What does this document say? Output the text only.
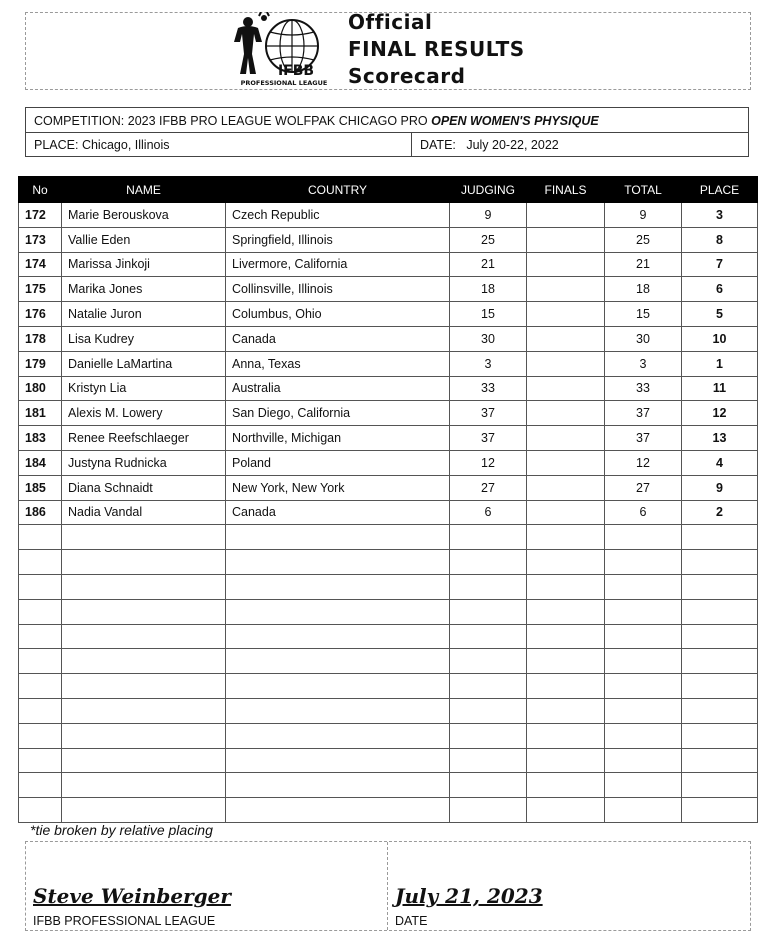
IFBB
PROFESSIONAL LEAGUE
Official
FINAL RESULTS
Scorecard
COMPETITION: 2023 IFBB PRO LEAGUE WOLFPAK CHICAGO PRO OPEN WOMEN'S PHYSIQUE
PLACE: Chicago, Illinois	DATE: July 20-22, 2022
No	NAME	COUNTRY	JUDGING	FINALS	TOTAL	PLACE
172	Marie Berouskova	Czech Republic	9		9	3
173	Vallie Eden	Springfield, Illinois	25		25	8
174	Marissa Jinkoji	Livermore, California	21		21	7
175	Marika Jones	Collinsville, Illinois	18		18	6
176	Natalie Juron	Columbus, Ohio	15		15	5
178	Lisa Kudrey	Canada	30		30	10
179	Danielle LaMartina	Anna, Texas	3		3	1
180	Kristyn Lia	Australia	33		33	11
181	Alexis M. Lowery	San Diego, California	37		37	12
183	Renee Reefschlaeger	Northville, Michigan	37		37	13
184	Justyna Rudnicka	Poland	12		12	4
185	Diana Schnaidt	New York, New York	27		27	9
186	Nadia Vandal	Canada	6		6	2

*tie broken by relative placing
Steve Weinberger
IFBB PROFESSIONAL LEAGUE
July 21, 2023
DATE
